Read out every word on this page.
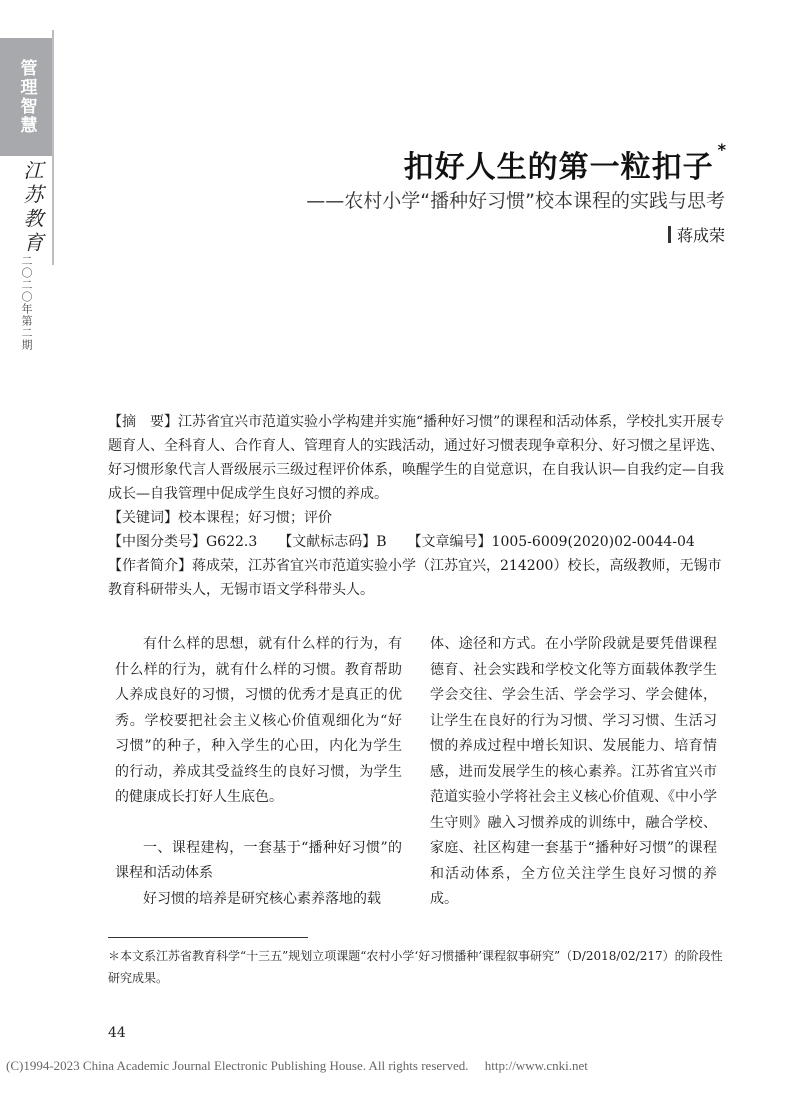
管理智慧
江苏教育
二〇二〇年第二期
扣好人生的第一粒扣子*
——农村小学“播种好习惯”校本课程的实践与思考
蒋成荣

【摘　要】江苏省宜兴市范道实验小学构建并实施“播种好习惯”的课程和活动体系，学校扎实开展专题育人、全科育人、合作育人、管理育人的实践活动，通过好习惯表现争章积分、好习惯之星评选、好习惯形象代言人晋级展示三级过程评价体系，唤醒学生的自觉意识，在自我认识—自我约定—自我成长—自我管理中促成学生良好习惯的养成。

【关键词】校本课程；好习惯；评价

【中图分类号】G622.3　　【文献标志码】B　　【文章编号】1005-6009(2020)02-0044-04

【作者简介】蒋成荣，江苏省宜兴市范道实验小学（江苏宜兴，214200）校长，高级教师，无锡市教育科研带头人，无锡市语文学科带头人。

有什么样的思想，就有什么样的行为，有什么样的行为，就有什么样的习惯。教育帮助人养成良好的习惯，习惯的优秀才是真正的优秀。学校要把社会主义核心价值观细化为“好习惯”的种子，种入学生的心田，内化为学生的行动，养成其受益终生的良好习惯，为学生的健康成长打好人生底色。

一、课程建构，一套基于“播种好习惯”的课程和活动体系

好习惯的培养是研究核心素养落地的载

体、途径和方式。在小学阶段就是要凭借课程德育、社会实践和学校文化等方面载体教学生学会交往、学会生活、学会学习、学会健体，让学生在良好的行为习惯、学习习惯、生活习惯的养成过程中增长知识、发展能力、培育情感，进而发展学生的核心素养。江苏省宜兴市范道实验小学将社会主义核心价值观、《中小学生守则》融入习惯养成的训练中，融合学校、家庭、社区构建一套基于“播种好习惯”的课程和活动体系，全方位关注学生良好习惯的养成。

＊本文系江苏省教育科学“十三五”规划立项课题“农村小学‘好习惯播种’课程叙事研究”（D/2018/02/217）的阶段性研究成果。
44
(C)1994-2023 China Academic Journal Electronic Publishing House. All rights reserved.　 http://www.cnki.net
